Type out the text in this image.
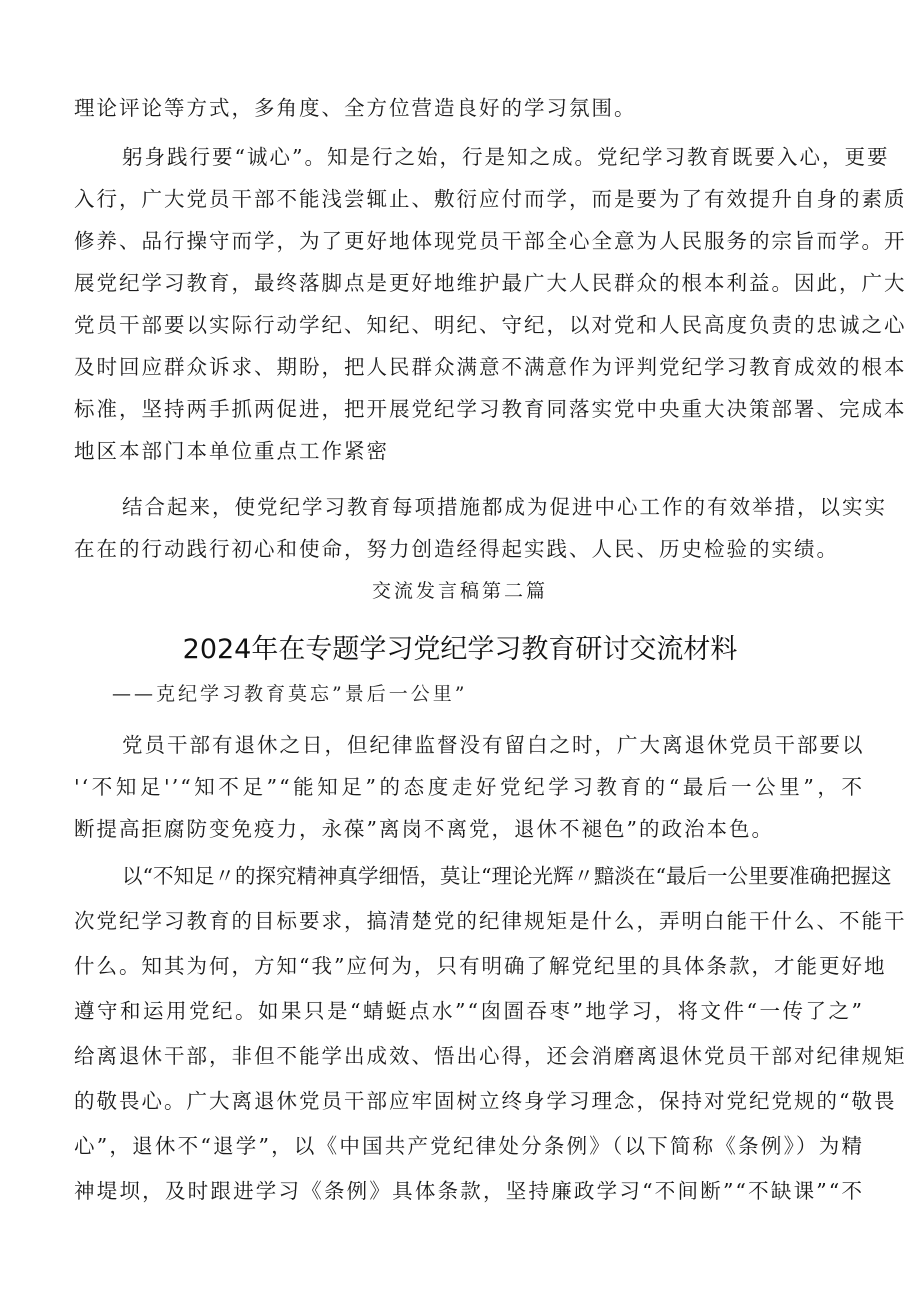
理论评论等方式，多角度、全方位营造良好的学习氛围。
躬身践行要“诚心”。知是行之始，行是知之成。党纪学习教育既要入心，更要
入行，广大党员干部不能浅尝辄止、敷衍应付而学，而是要为了有效提升自身的素质
修养、品行操守而学，为了更好地体现党员干部全心全意为人民服务的宗旨而学。开
展党纪学习教育，最终落脚点是更好地维护最广大人民群众的根本利益。因此，广大
党员干部要以实际行动学纪、知纪、明纪、守纪，以对党和人民高度负责的忠诚之心
及时回应群众诉求、期盼，把人民群众满意不满意作为评判党纪学习教育成效的根本
标准，坚持两手抓两促进，把开展党纪学习教育同落实党中央重大决策部署、完成本
地区本部门本单位重点工作紧密
结合起来，使党纪学习教育每项措施都成为促进中心工作的有效举措，以实实
在在的行动践行初心和使命，努力创造经得起实践、人民、历史检验的实绩。
交流发言稿第二篇
2024年在专题学习党纪学习教育研讨交流材料
——克纪学习教育莫忘”景后一公里”
党员干部有退休之日，但纪律监督没有留白之时，广大离退休党员干部要以
'‘不知足'’“知不足”“能知足”的态度走好党纪学习教育的“最后一公里”，不
断提高拒腐防变免疫力，永葆”离岗不离党，退休不褪色”的政治本色。
以“不知足〃的探究精神真学细悟，莫让“理论光辉〃黯淡在“最后一公里要准确把握这
次党纪学习教育的目标要求，搞清楚党的纪律规矩是什么，弄明白能干什么、不能干
什么。知其为何，方知“我”应何为，只有明确了解党纪里的具体条款，才能更好地
遵守和运用党纪。如果只是“蜻蜓点水”“囱圄吞枣”地学习，将文件“一传了之”
给离退休干部，非但不能学出成效、悟出心得，还会消磨离退休党员干部对纪律规矩
的敬畏心。广大离退休党员干部应牢固树立终身学习理念，保持对党纪党规的“敬畏
心”，退休不“退学”，以《中国共产党纪律处分条例》（以下简称《条例》）为精
神堤坝，及时跟进学习《条例》具体条款，坚持廉政学习“不间断”“不缺课”“不
